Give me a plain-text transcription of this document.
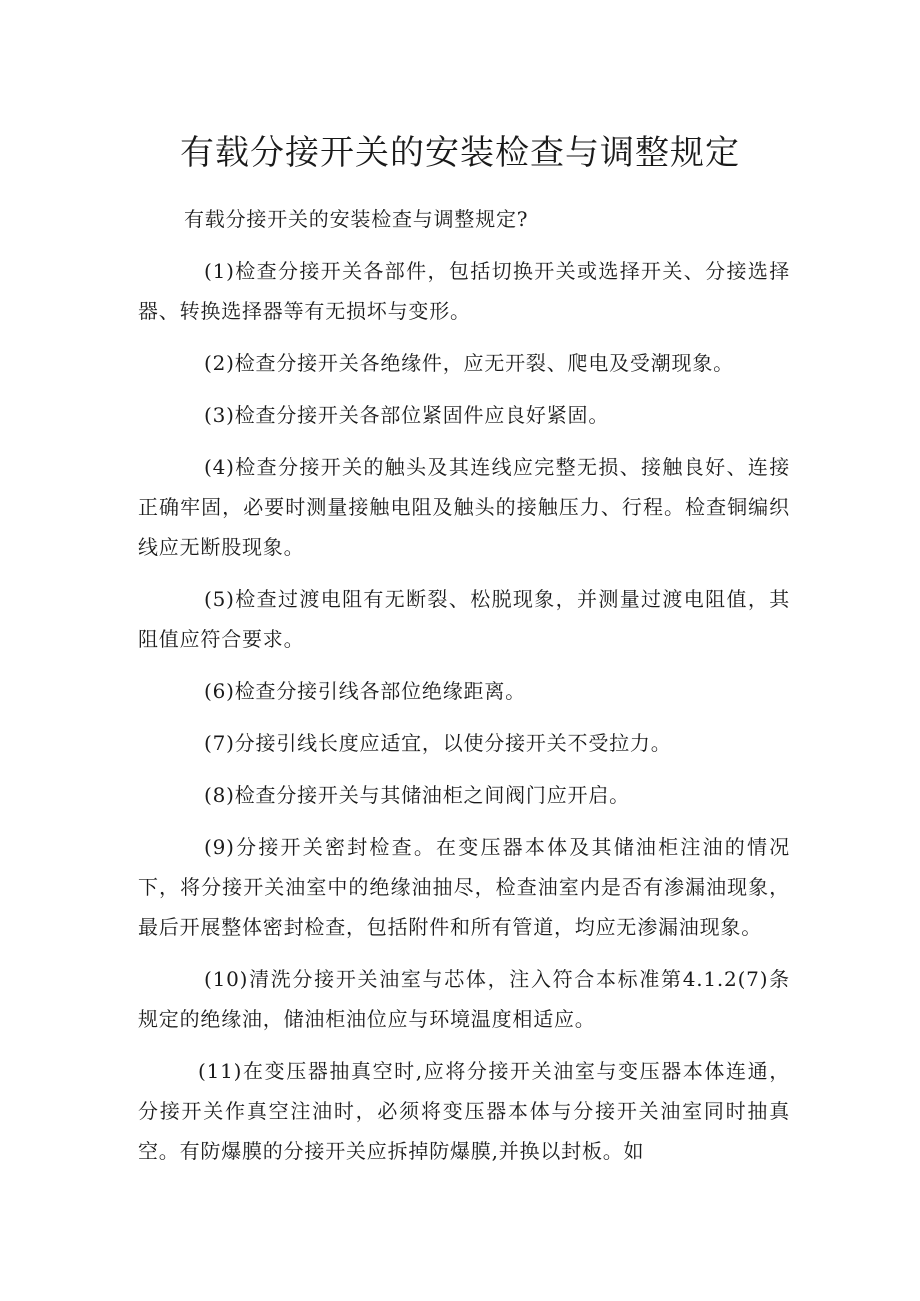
有载分接开关的安装检查与调整规定

有载分接开关的安装检查与调整规定?

(1)检查分接开关各部件，包括切换开关或选择开关、分接选择器、转换选择器等有无损坏与变形。

(2)检查分接开关各绝缘件，应无开裂、爬电及受潮现象。

(3)检查分接开关各部位紧固件应良好紧固。

(4)检查分接开关的触头及其连线应完整无损、接触良好、连接正确牢固，必要时测量接触电阻及触头的接触压力、行程。检查铜编织线应无断股现象。

(5)检查过渡电阻有无断裂、松脱现象，并测量过渡电阻值，其阻值应符合要求。

(6)检查分接引线各部位绝缘距离。

(7)分接引线长度应适宜，以使分接开关不受拉力。

(8)检查分接开关与其储油柜之间阀门应开启。

(9)分接开关密封检查。在变压器本体及其储油柜注油的情况下，将分接开关油室中的绝缘油抽尽，检查油室内是否有渗漏油现象，最后开展整体密封检查，包括附件和所有管道，均应无渗漏油现象。

(10)清洗分接开关油室与芯体，注入符合本标准第4.1.2(7)条规定的绝缘油，储油柜油位应与环境温度相适应。

(11)在变压器抽真空时,应将分接开关油室与变压器本体连通，分接开关作真空注油时，必须将变压器本体与分接开关油室同时抽真空。有防爆膜的分接开关应拆掉防爆膜,并换以封板。如
